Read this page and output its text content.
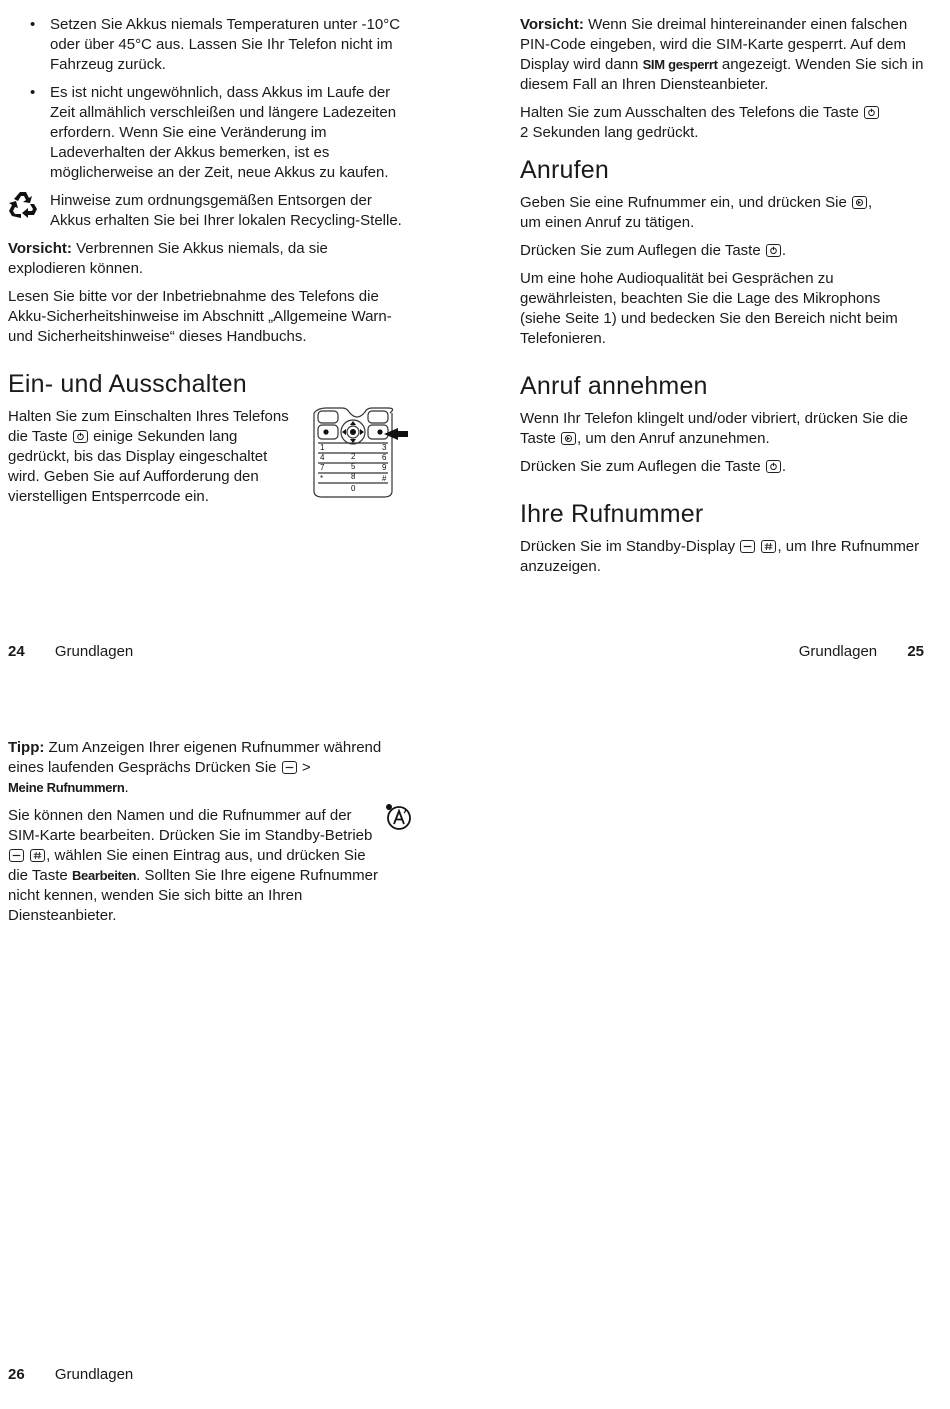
• Setzen Sie Akkus niemals Temperaturen unter -10°C oder über 45°C aus. Lassen Sie Ihr Telefon nicht im Fahrzeug zurück.
• Es ist nicht ungewöhnlich, dass Akkus im Laufe der Zeit allmählich verschleißen und längere Ladezeiten erfordern. Wenn Sie eine Veränderung im Ladeverhalten der Akkus bemerken, ist es möglicherweise an der Zeit, neue Akkus zu kaufen.

Hinweise zum ordnungsgemäßen Entsorgen der Akkus erhalten Sie bei Ihrer lokalen Recycling-Stelle.

Vorsicht: Verbrennen Sie Akkus niemals, da sie explodieren können.

Lesen Sie bitte vor der Inbetriebnahme des Telefons die Akku-Sicherheitshinweise im Abschnitt „Allgemeine Warn- und Sicherheitshinweise“ dieses Handbuchs.

Ein- und Ausschalten

Halten Sie zum Einschalten Ihres Telefons die Taste einige Sekunden lang gedrückt, bis das Display eingeschaltet wird. Geben Sie auf Aufforderung den vierstelligen Entsperrcode ein.

1
2
3
4
5
6
7
8
9
0
*	#

Vorsicht: Wenn Sie dreimal hintereinander einen falschen PIN-Code eingeben, wird die SIM-Karte gesperrt. Auf dem Display wird dann SIM gesperrt angezeigt. Wenden Sie sich in diesem Fall an Ihren Diensteanbieter.

Halten Sie zum Ausschalten des Telefons die Taste

2 Sekunden lang gedrückt.

Anrufen

Geben Sie eine Rufnummer ein, und drücken Sie ,
um einen Anruf zu tätigen.

Drücken Sie zum Auflegen die Taste .

Um eine hohe Audioqualität bei Gesprächen zu gewährleisten, beachten Sie die Lage des Mikrophons (siehe Seite 1) und bedecken Sie den Bereich nicht beim Telefonieren.

Anruf annehmen

Wenn Ihr Telefon klingelt und/oder vibriert, drücken Sie die Taste , um den Anruf anzunehmen.

Drücken Sie zum Auflegen die Taste .

Ihre Rufnummer

Drücken Sie im Standby-Display
	, um Ihre Rufnummer anzuzeigen.

24 Grundlagen	Grundlagen 25

Tipp: Zum Anzeigen Ihrer eigenen Rufnummer während eines laufenden Gesprächs Drücken Sie
>
Meine Rufnummern.

Sie können den Namen und die Rufnummer auf der SIM-Karte bearbeiten. Drücken Sie im Standby-Betrieb

, wählen Sie einen Eintrag aus, und drücken Sie die Taste Bearbeiten. Sollten Sie Ihre eigene Rufnummer nicht kennen, wenden Sie sich bitte an Ihren Diensteanbieter.

26 Grundlagen
